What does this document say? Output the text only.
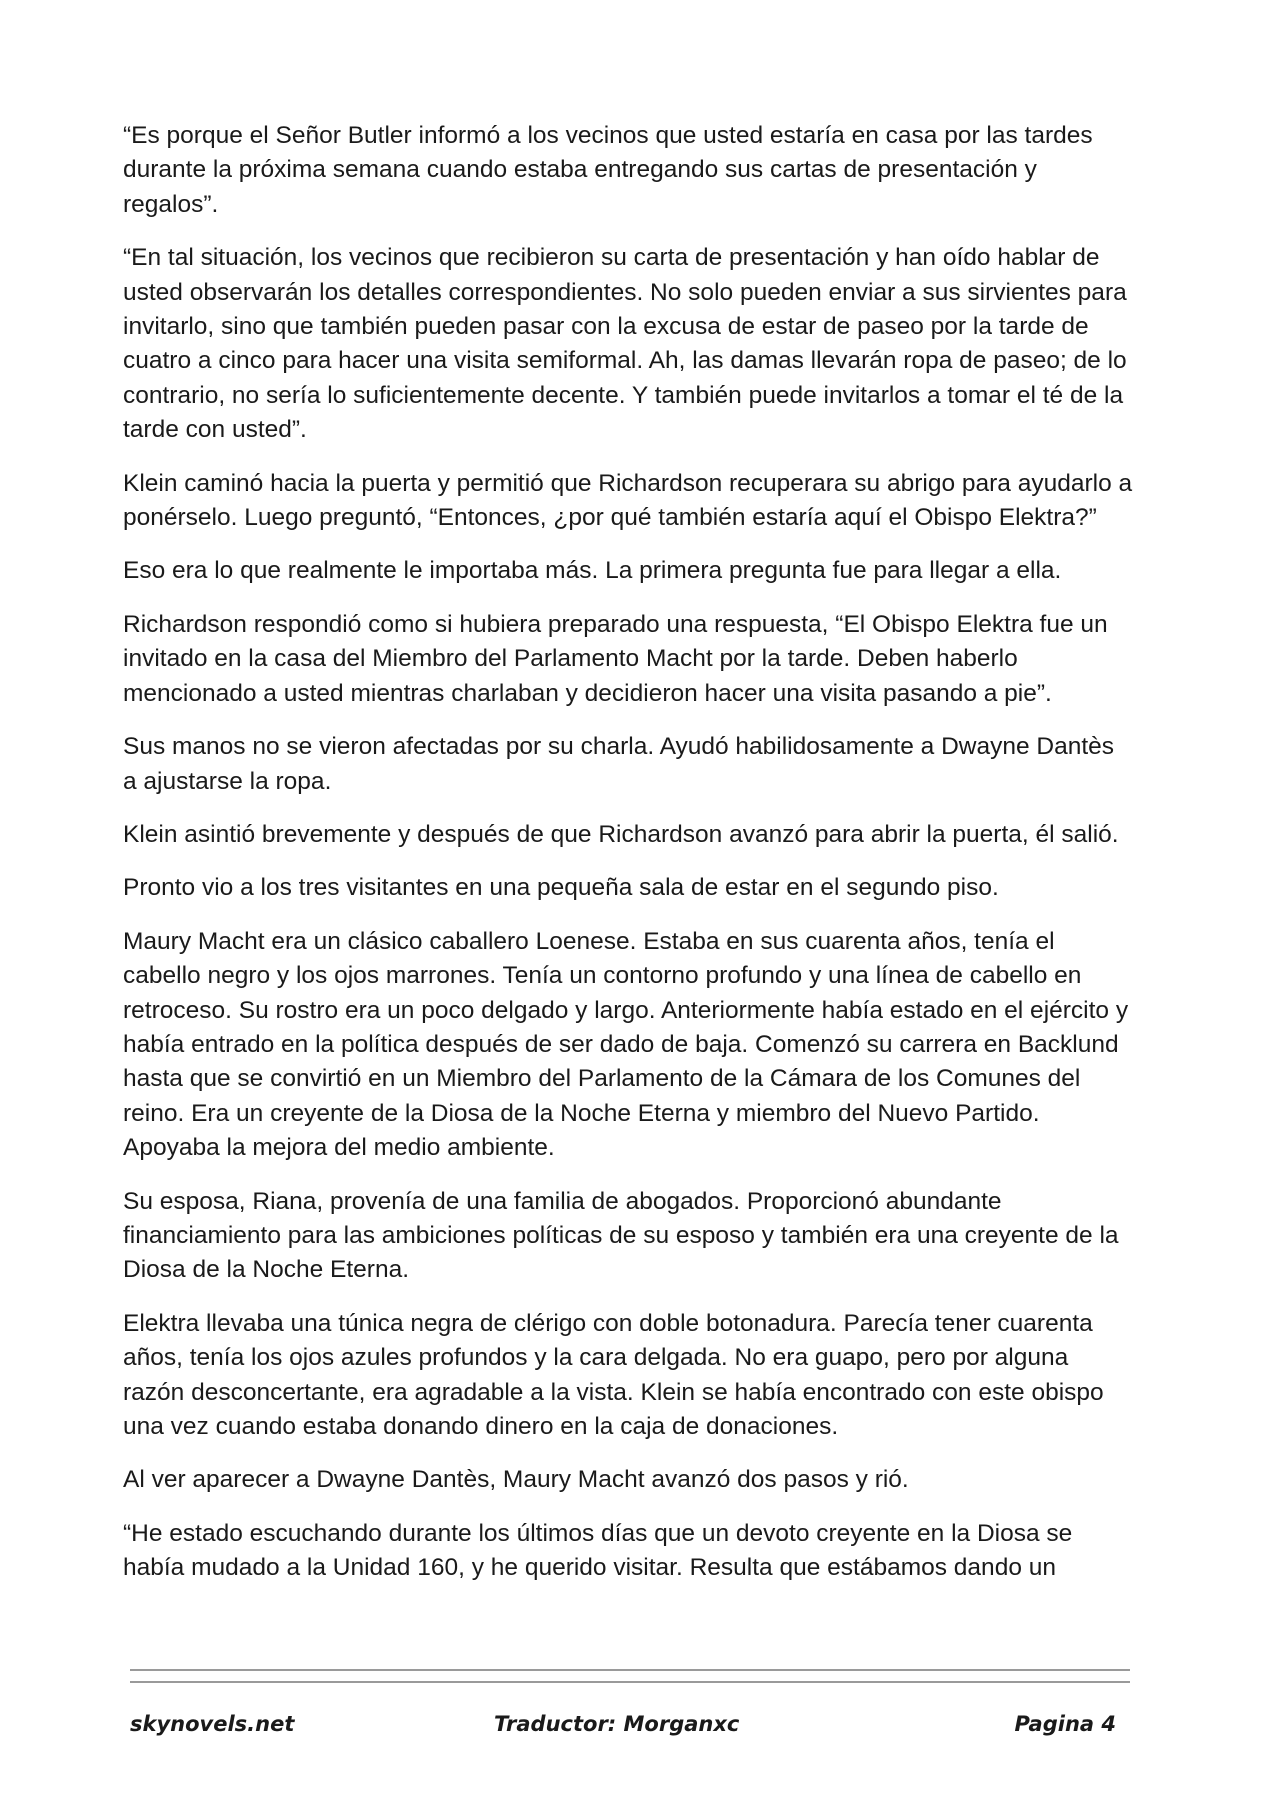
“Es porque el Señor Butler informó a los vecinos que usted estaría en casa por las tardes durante la próxima semana cuando estaba entregando sus cartas de presentación y regalos”.

“En tal situación, los vecinos que recibieron su carta de presentación y han oído hablar de usted observarán los detalles correspondientes. No solo pueden enviar a sus sirvientes para invitarlo, sino que también pueden pasar con la excusa de estar de paseo por la tarde de cuatro a cinco para hacer una visita semiformal. Ah, las damas llevarán ropa de paseo; de lo contrario, no sería lo suficientemente decente. Y también puede invitarlos a tomar el té de la tarde con usted”.

Klein caminó hacia la puerta y permitió que Richardson recuperara su abrigo para ayudarlo a ponérselo. Luego preguntó, “Entonces, ¿por qué también estaría aquí el Obispo Elektra?”

Eso era lo que realmente le importaba más. La primera pregunta fue para llegar a ella.

Richardson respondió como si hubiera preparado una respuesta, “El Obispo Elektra fue un invitado en la casa del Miembro del Parlamento Macht por la tarde. Deben haberlo mencionado a usted mientras charlaban y decidieron hacer una visita pasando a pie”.

Sus manos no se vieron afectadas por su charla. Ayudó habilidosamente a Dwayne Dantès a ajustarse la ropa.

Klein asintió brevemente y después de que Richardson avanzó para abrir la puerta, él salió.

Pronto vio a los tres visitantes en una pequeña sala de estar en el segundo piso.

Maury Macht era un clásico caballero Loenese. Estaba en sus cuarenta años, tenía el cabello negro y los ojos marrones. Tenía un contorno profundo y una línea de cabello en retroceso. Su rostro era un poco delgado y largo. Anteriormente había estado en el ejército y había entrado en la política después de ser dado de baja. Comenzó su carrera en Backlund hasta que se convirtió en un Miembro del Parlamento de la Cámara de los Comunes del reino. Era un creyente de la Diosa de la Noche Eterna y miembro del Nuevo Partido. Apoyaba la mejora del medio ambiente.

Su esposa, Riana, provenía de una familia de abogados. Proporcionó abundante financiamiento para las ambiciones políticas de su esposo y también era una creyente de la Diosa de la Noche Eterna.

Elektra llevaba una túnica negra de clérigo con doble botonadura. Parecía tener cuarenta años, tenía los ojos azules profundos y la cara delgada. No era guapo, pero por alguna razón desconcertante, era agradable a la vista. Klein se había encontrado con este obispo una vez cuando estaba donando dinero en la caja de donaciones.

Al ver aparecer a Dwayne Dantès, Maury Macht avanzó dos pasos y rió.

“He estado escuchando durante los últimos días que un devoto creyente en la Diosa se había mudado a la Unidad 160, y he querido visitar. Resulta que estábamos dando un

skynovels.net	Traductor: Morganxc	Pagina 4
